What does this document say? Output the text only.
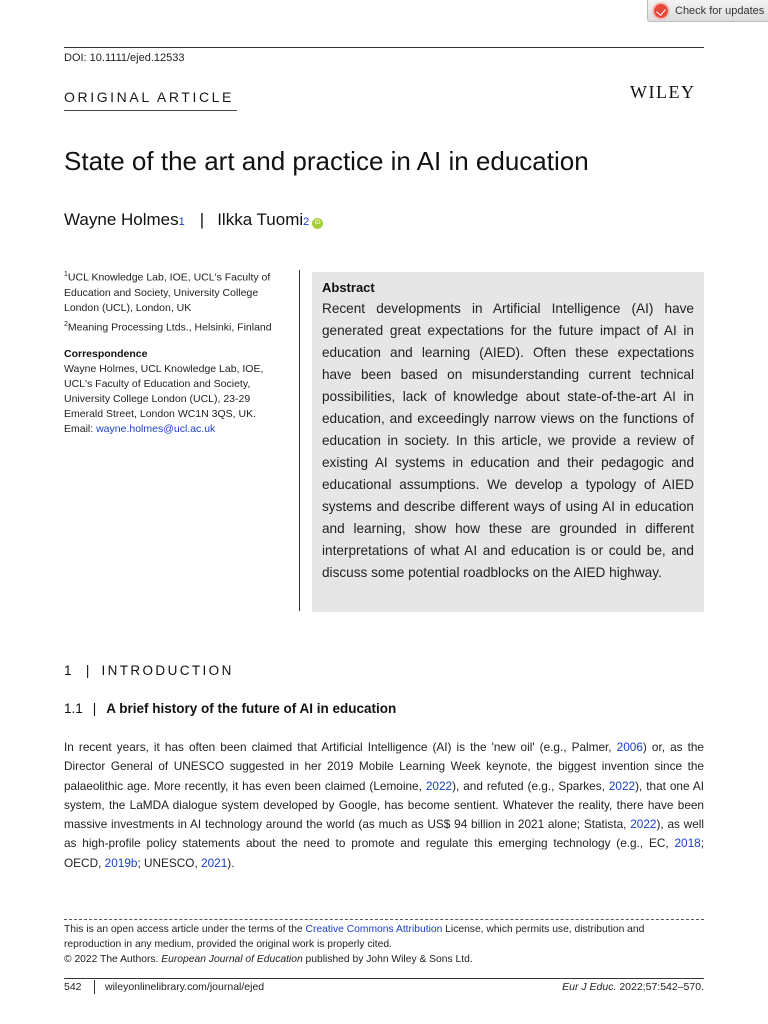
Check for updates
DOI: 10.1111/ejed.12533
ORIGINAL ARTICLE	WILEY
State of the art and practice in AI in education
Wayne Holmes 1 | Ilkka Tuomi 2 iD
$^1$UCL Knowledge Lab, IOE, UCL's Faculty of Education and Society, University College London (UCL), London, UK
$^2$Meaning Processing Ltds., Helsinki, Finland
Correspondence
Wayne Holmes, UCL Knowledge Lab, IOE, UCL's Faculty of Education and Society, University College London (UCL), 23-29 Emerald Street, London WC1N 3QS, UK.
Email: wayne.holmes@ucl.ac.uk
Abstract
Recent developments in Artificial Intelligence (AI) have generated great expectations for the future impact of AI in education and learning (AIED). Often these expectations have been based on misunderstanding current technical possibilities, lack of knowledge about state-of-the-art AI in education, and exceedingly narrow views on the functions of education in society. In this article, we provide a review of existing AI systems in education and their pedagogic and educational assumptions. We develop a typology of AIED systems and describe different ways of using AI in education and learning, show how these are grounded in different interpretations of what AI and education is or could be, and discuss some potential roadblocks on the AIED highway.
1 | INTRODUCTION
1.1 | A brief history of the future of AI in education

In recent years, it has often been claimed that Artificial Intelligence (AI) is the 'new oil' (e.g., Palmer, 2006) or, as the Director General of UNESCO suggested in her 2019 Mobile Learning Week keynote, the biggest invention since the palaeolithic age. More recently, it has even been claimed (Lemoine, 2022), and refuted (e.g., Sparkes, 2022), that one AI system, the LaMDA dialogue system developed by Google, has become sentient. Whatever the reality, there have been massive investments in AI technology around the world (as much as US$ 94 billion in 2021 alone; Statista, 2022), as well as high-profile policy statements about the need to promote and regulate this emerging technology (e.g., EC, 2018; OECD, 2019b; UNESCO, 2021).

This is an open access article under the terms of the Creative Commons Attribution License, which permits use, distribution and reproduction in any medium, provided the original work is properly cited.
© 2022 The Authors. European Journal of Education published by John Wiley & Sons Ltd.

542 wileyonlinelibrary.com/journal/ejed	Eur J Educ. 2022;57:542–570.
